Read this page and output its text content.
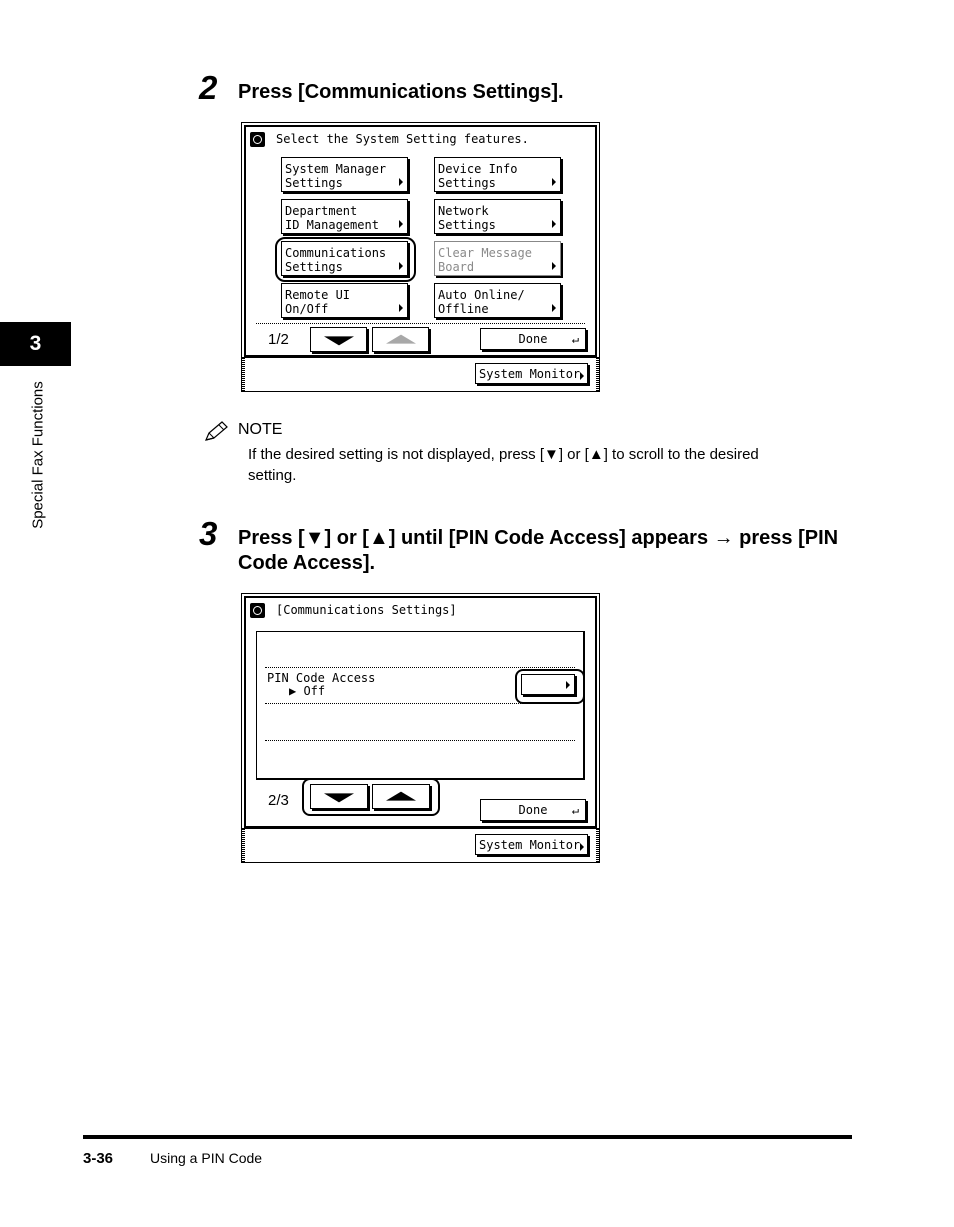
3
Special Fax Functions
2 Press [Communications Settings].
Select the System Setting features.
System Manager
Settings
Device Info
Settings
Department
ID Management
Network
Settings
Communications
Settings
Clear Message
Board
Remote UI
On/Off
Auto Online/
Offline
1/2	Done ↵
System Monitor
NOTE
If the desired setting is not displayed, press [▼] or [▲] to scroll to the desired
setting.
3 Press [▼] or [▲] until [PIN Code Access] appears → press [PIN
Code Access].
[Communications Settings]
PIN Code Access
▶ Off
2/3
Done ↵
System Monitor
3-36	Using a PIN Code
